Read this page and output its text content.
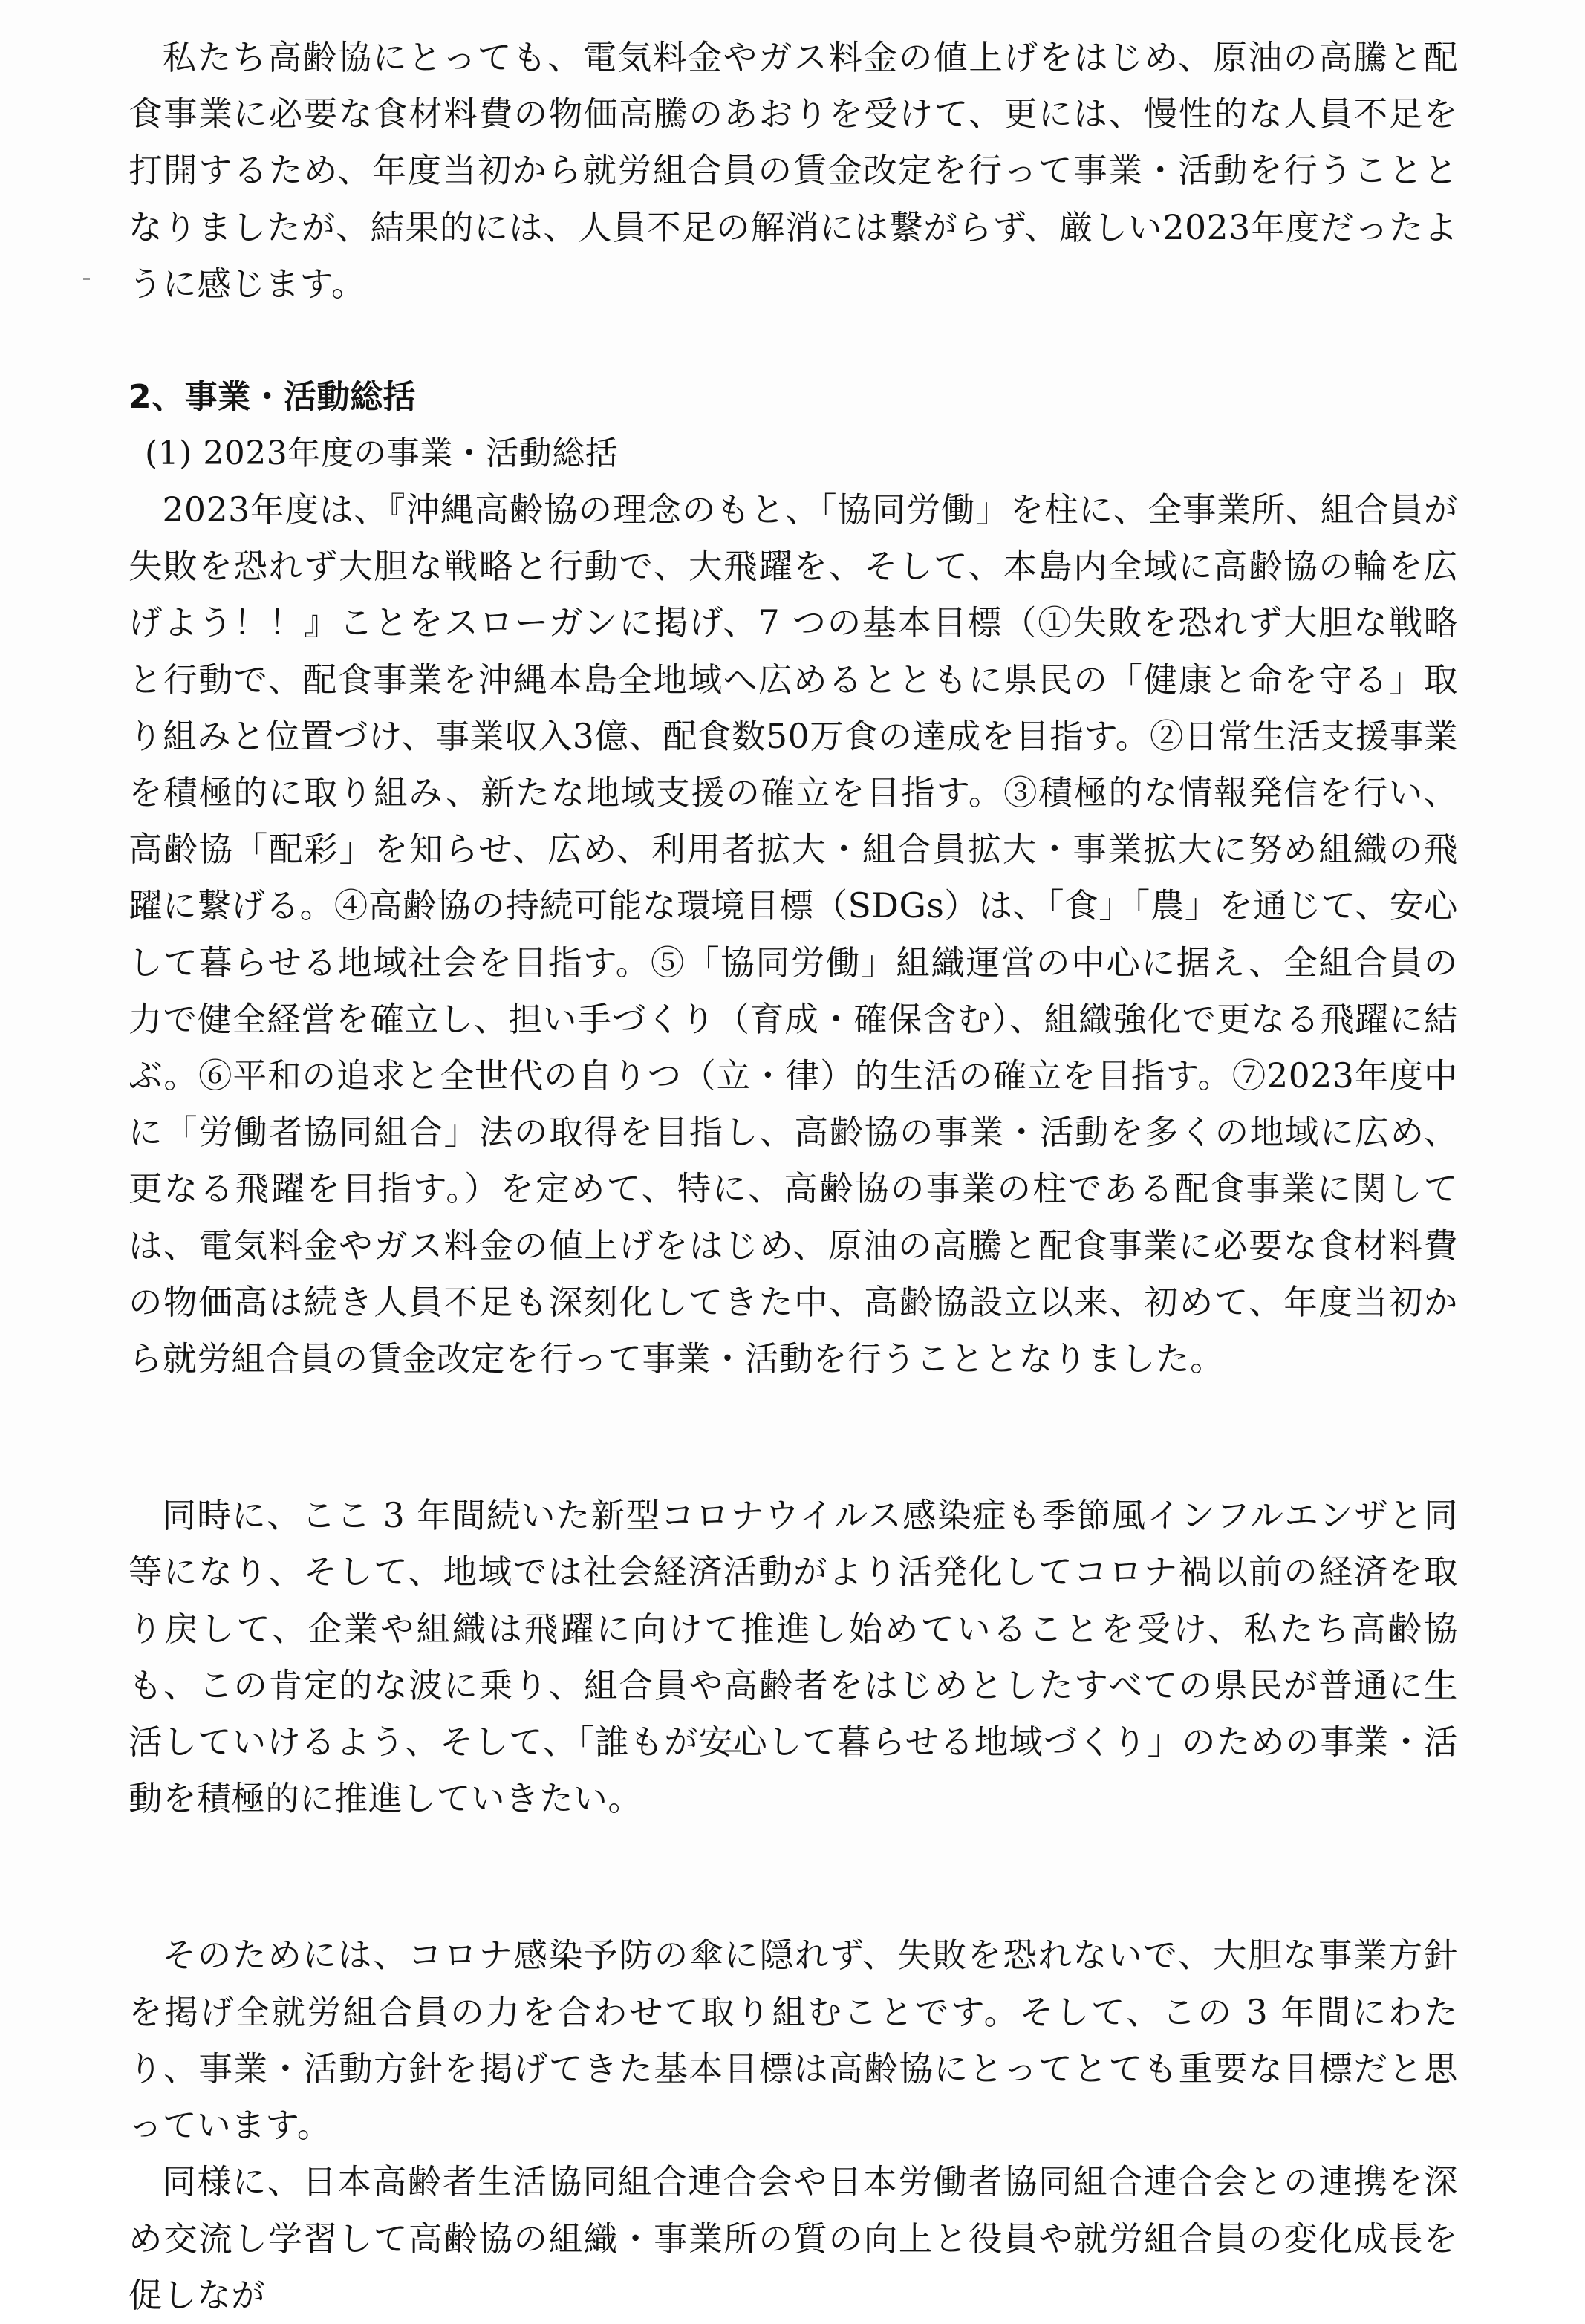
私たち高齢協にとっても、電気料金やガス料金の値上げをはじめ、原油の高騰と配食事業に必要な食材料費の物価高騰のあおりを受けて、更には、慢性的な人員不足を打開するため、年度当初から就労組合員の賃金改定を行って事業・活動を行うこととなりましたが、結果的には、人員不足の解消には繋がらず、厳しい2023年度だったように感じます。

2、事業・活動総括
(1) 2023年度の事業・活動総括

2023年度は、『沖縄高齢協の理念のもと、「協同労働」を柱に、全事業所、組合員が失敗を恐れず大胆な戦略と行動で、大飛躍を、そして、本島内全域に高齢協の輪を広げよう！！』ことをスローガンに掲げ、7 つの基本目標（①失敗を恐れず大胆な戦略と行動で、配食事業を沖縄本島全地域へ広めるとともに県民の「健康と命を守る」取り組みと位置づけ、事業収入3億、配食数50万食の達成を目指す。②日常生活支援事業を積極的に取り組み、新たな地域支援の確立を目指す。③積極的な情報発信を行い、高齢協「配彩」を知らせ、広め、利用者拡大・組合員拡大・事業拡大に努め組織の飛躍に繋げる。④高齢協の持続可能な環境目標（SDGs）は、「食」「農」を通じて、安心して暮らせる地域社会を目指す。⑤「協同労働」組織運営の中心に据え、全組合員の力で健全経営を確立し、担い手づくり（育成・確保含む）、組織強化で更なる飛躍に結ぶ。⑥平和の追求と全世代の自りつ（立・律）的生活の確立を目指す。⑦2023年度中に「労働者協同組合」法の取得を目指し、高齢協の事業・活動を多くの地域に広め、更なる飛躍を目指す。）を定めて、特に、高齢協の事業の柱である配食事業に関しては、電気料金やガス料金の値上げをはじめ、原油の高騰と配食事業に必要な食材料費の物価高は続き人員不足も深刻化してきた中、高齢協設立以来、初めて、年度当初から就労組合員の賃金改定を行って事業・活動を行うこととなりました。

同時に、ここ 3 年間続いた新型コロナウイルス感染症も季節風インフルエンザと同等になり、そして、地域では社会経済活動がより活発化してコロナ禍以前の経済を取り戻して、企業や組織は飛躍に向けて推進し始めていることを受け、私たち高齢協も、この肯定的な波に乗り、組合員や高齢者をはじめとしたすべての県民が普通に生活していけるよう、そして、「誰もが安心して暮らせる地域づくり」のための事業・活動を積極的に推進していきたい。

そのためには、コロナ感染予防の傘に隠れず、失敗を恐れないで、大胆な事業方針を掲げ全就労組合員の力を合わせて取り組むことです。そして、この 3 年間にわたり、事業・活動方針を掲げてきた基本目標は高齢協にとってとても重要な目標だと思っています。

同様に、日本高齢者生活協同組合連合会や日本労働者協同組合連合会との連携を深め交流し学習して高齢協の組織・事業所の質の向上と役員や就労組合員の変化成長を促しなが
